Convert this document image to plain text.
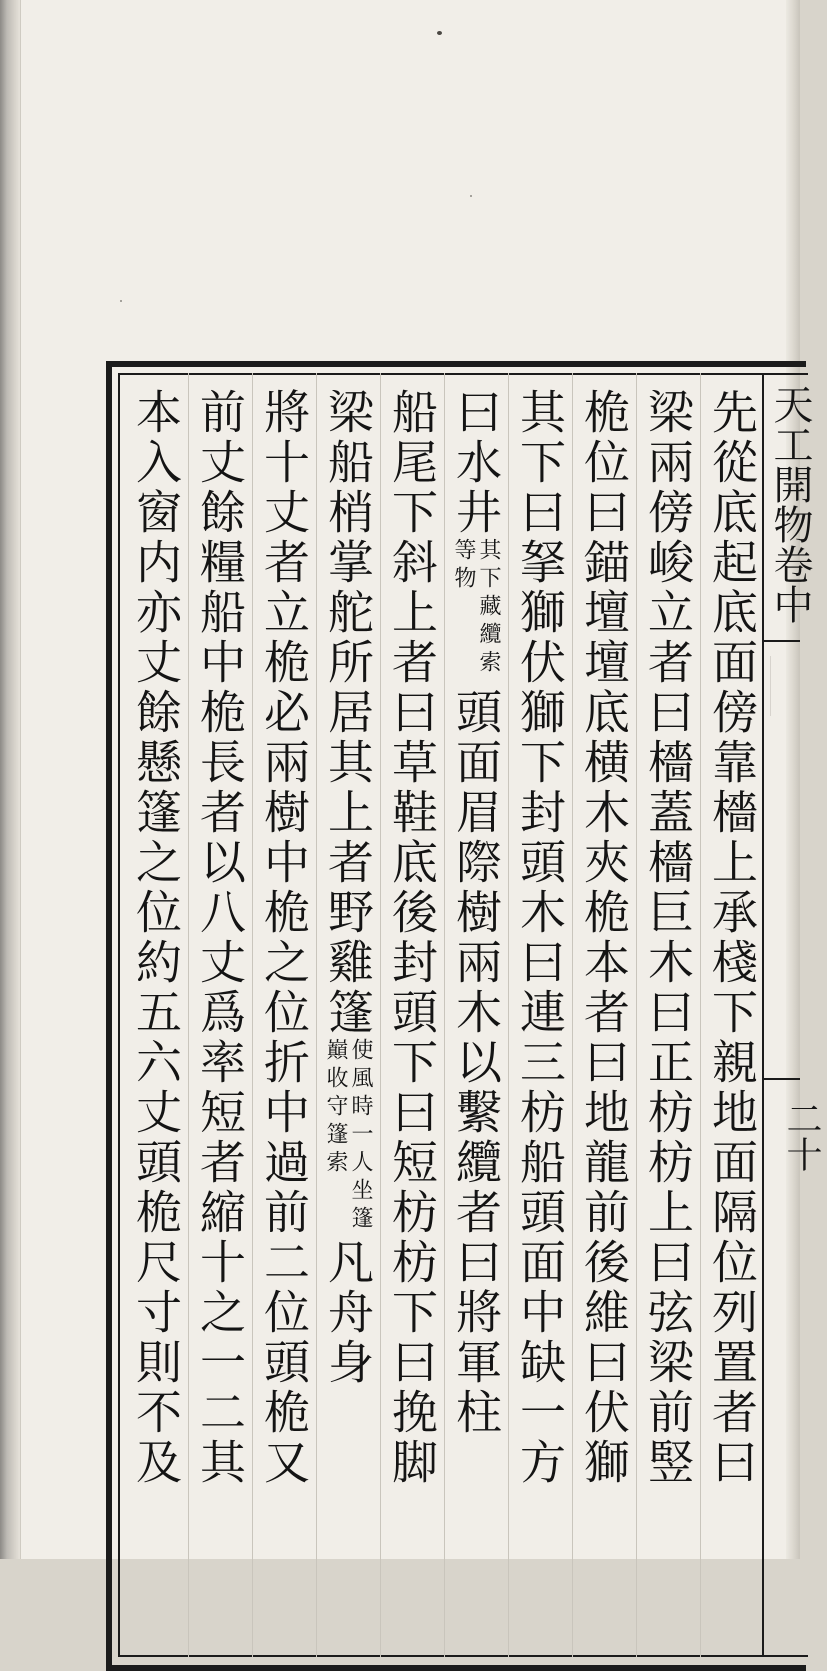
天工開物卷中
二十
先從底起底面傍靠檣上承棧下親地面隔位列置者曰
梁兩傍峻立者曰檣蓋檣巨木曰正枋枋上曰弦梁前竪
桅位曰錨壇壇底横木夾桅本者曰地龍前後維曰伏獅
其下曰拏獅伏獅下封頭木曰連三枋船頭面中缺一方
曰水井其下藏纜索等物頭面眉際樹兩木以繫纜者曰將軍柱
船尾下斜上者曰草鞋底後封頭下曰短枋枋下曰挽脚
梁船梢掌舵所居其上者野雞篷使風時一人坐篷巔收守篷索凡舟身
將十丈者立桅必兩樹中桅之位折中過前二位頭桅又
前丈餘糧船中桅長者以八丈爲率短者縮十之一二其
本入窗内亦丈餘懸篷之位約五六丈頭桅尺寸則不及
